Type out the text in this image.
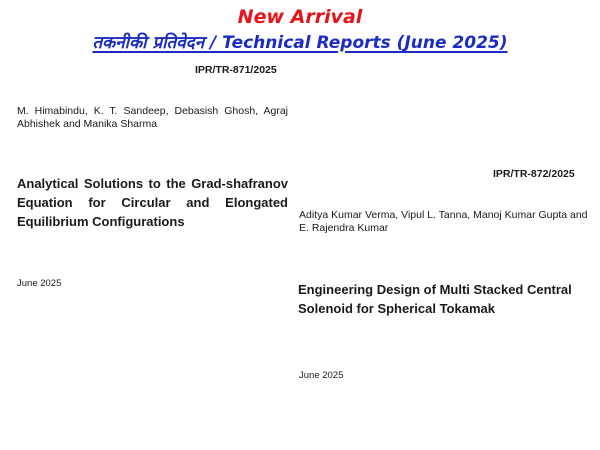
New Arrival
तकनीकी प्रतिवेदन / Technical Reports (June 2025)
IPR/TR-871/2025
M. Himabindu, K. T. Sandeep, Debasish Ghosh, Agraj Abhishek and Manika Sharma
Analytical Solutions to the Grad-shafranov Equation for Circular and Elongated Equilibrium Configurations
June 2025
IPR/TR-872/2025
Aditya Kumar Verma, Vipul L. Tanna, Manoj Kumar Gupta and E. Rajendra Kumar
Engineering Design of Multi Stacked Central Solenoid for Spherical Tokamak
June 2025
